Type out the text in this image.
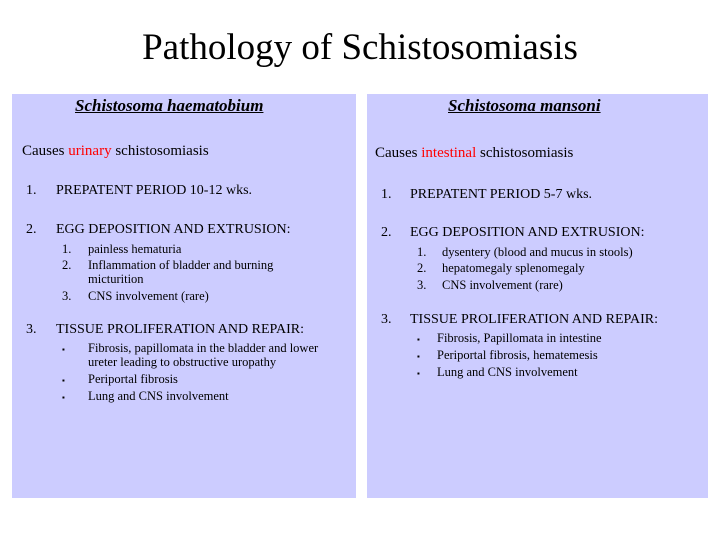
Pathology of Schistosomiasis
Schistosoma haematobium	Schistosoma mansoni
Causes urinary schistosomiasis
1. PREPATENT PERIOD 10-12 wks.
2. EGG DEPOSITION AND EXTRUSION:
1. painless hematuria
2. Inflammation of bladder and burning
micturition
3. CNS involvement (rare)
3. TISSUE PROLIFERATION AND REPAIR:
▪ Fibrosis, papillomata in the bladder and lower
ureter leading to obstructive uropathy
▪ Periportal fibrosis
▪ Lung and CNS involvement
Causes intestinal schistosomiasis
1. PREPATENT PERIOD 5-7 wks.
2. EGG DEPOSITION AND EXTRUSION:
1. dysentery (blood and mucus in stools)
2. hepatomegaly splenomegaly
3. CNS involvement (rare)
3. TISSUE PROLIFERATION AND REPAIR:
▪ Fibrosis, Papillomata in intestine
▪ Periportal fibrosis, hematemesis
▪ Lung and CNS involvement
